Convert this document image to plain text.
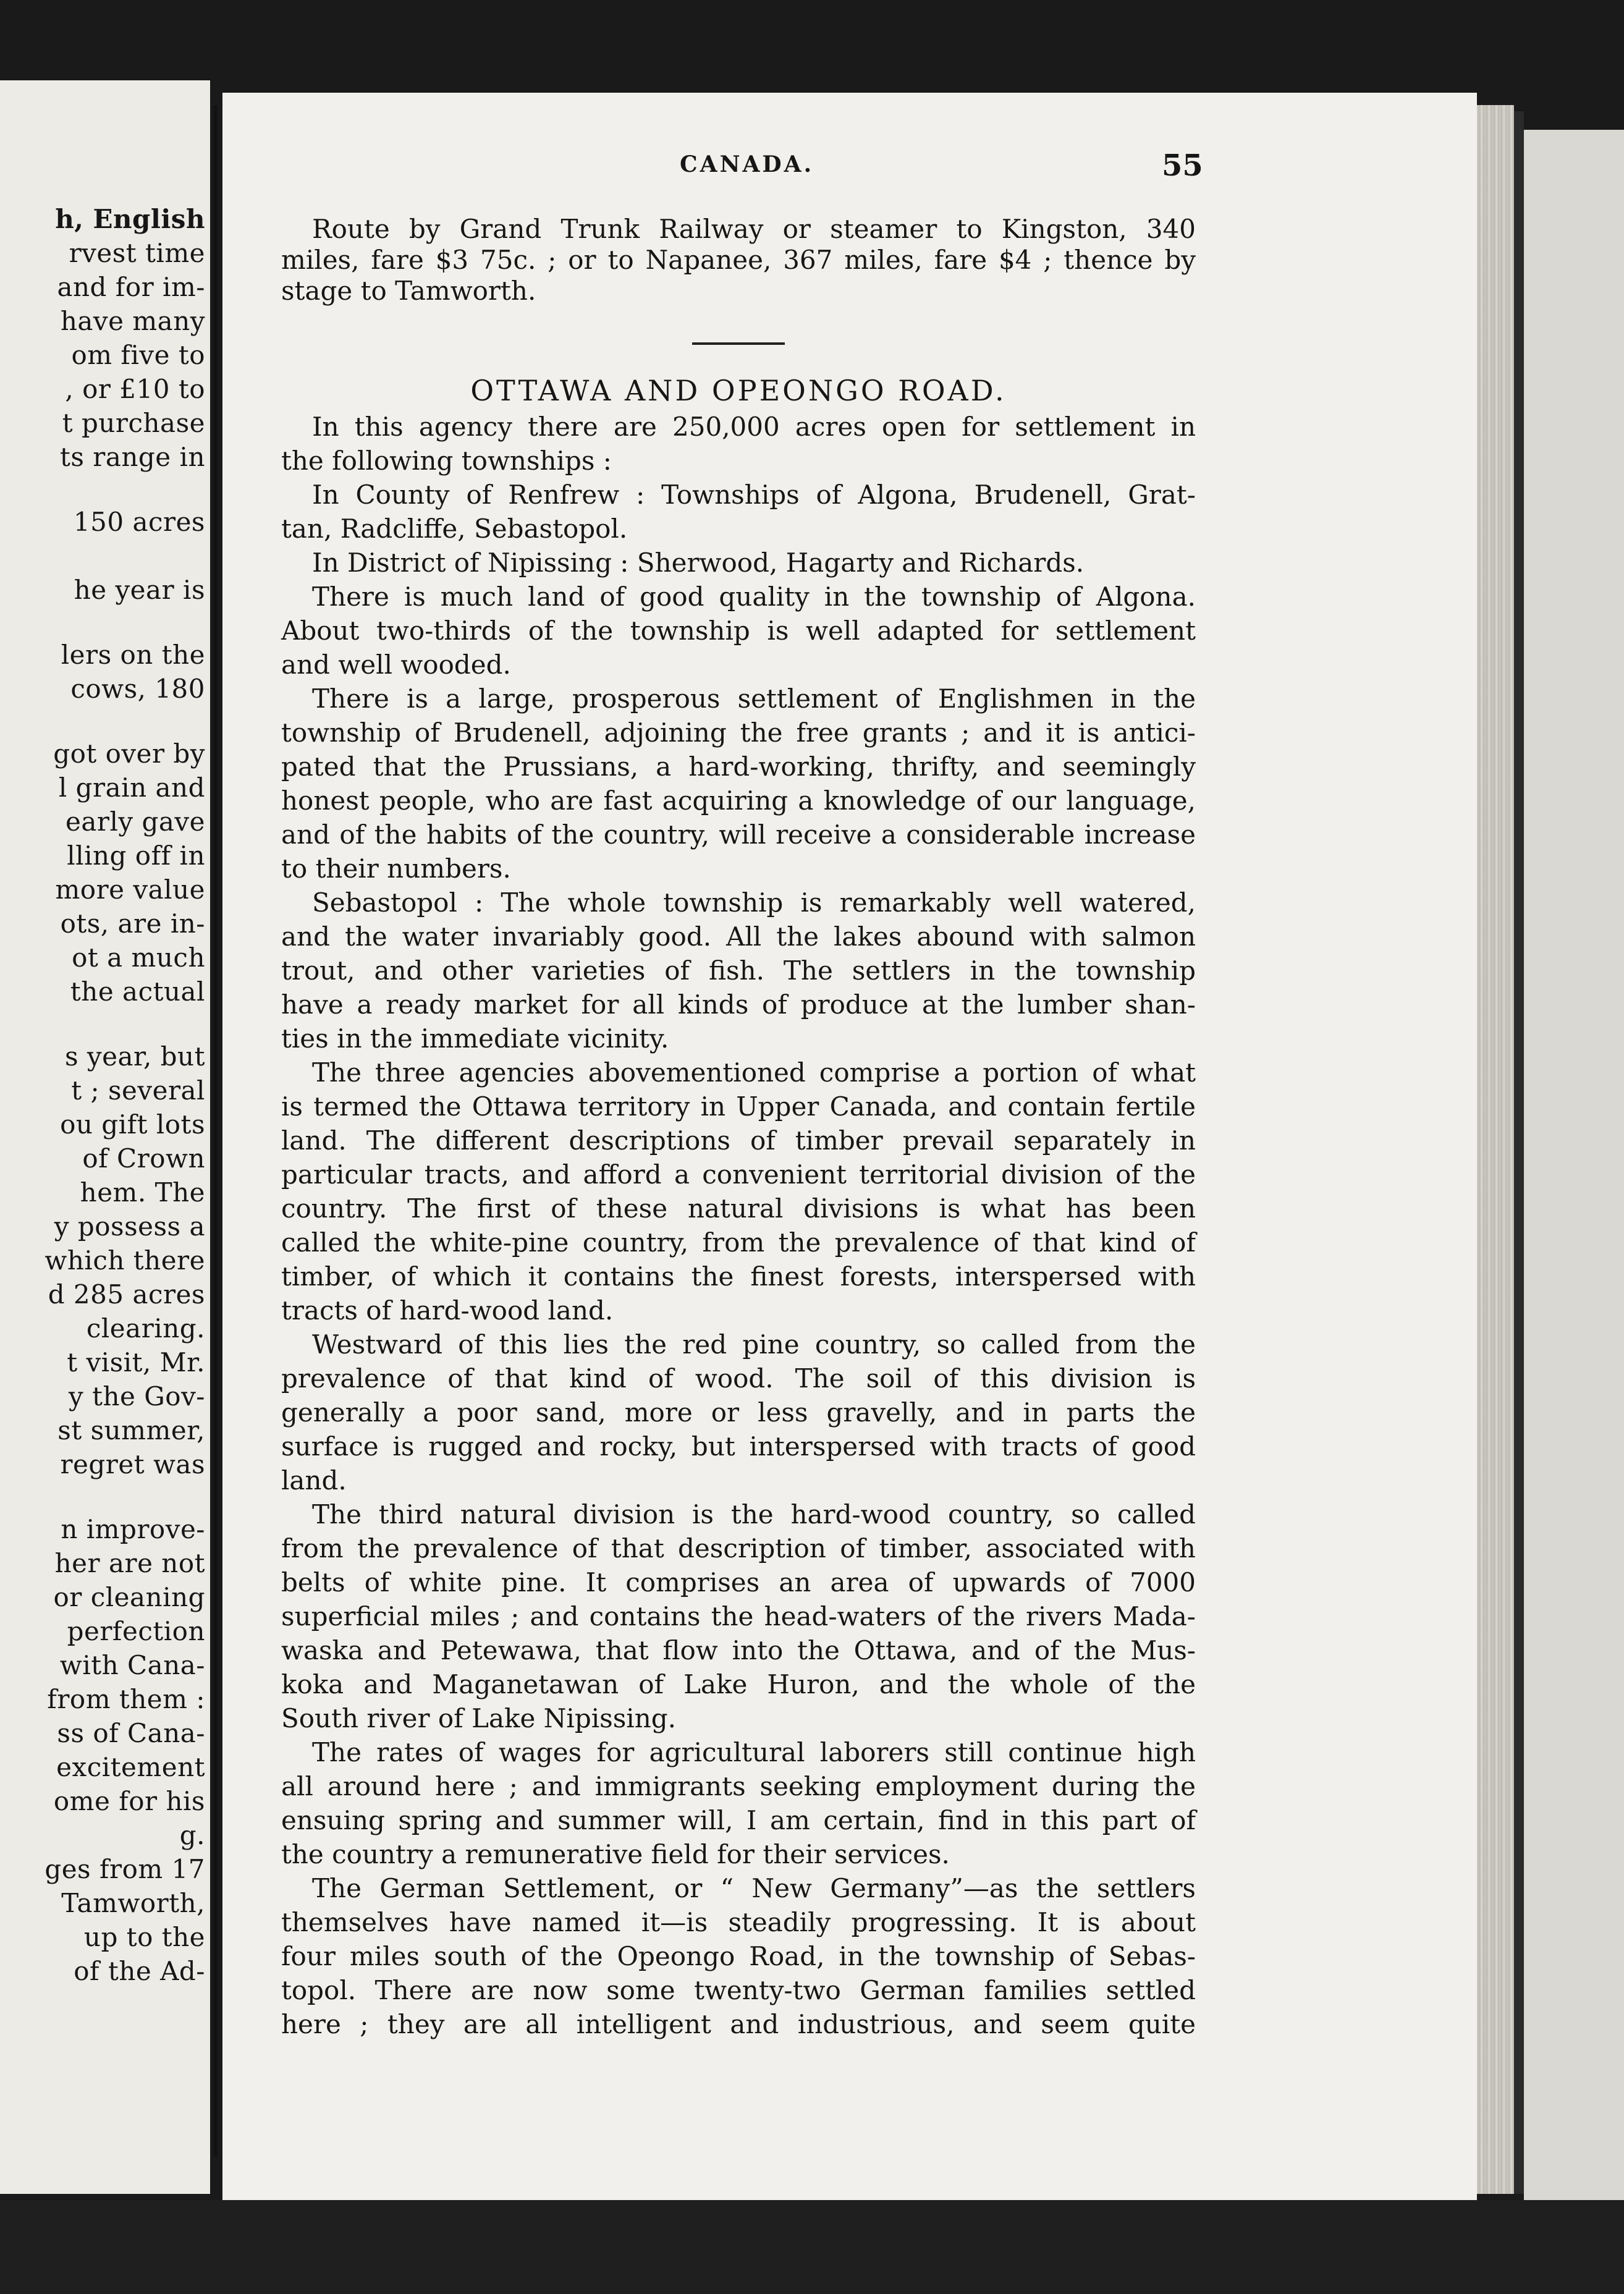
h, English
rvest time
and for im-
have many
om five to
, or £10 to
t purchase
ts range in
150 acres
he year is
lers on the
cows, 180
got over by
l grain and
early gave
lling off in
more value
ots, are in-
ot a much
the actual
s year, but
t ; several
ou gift lots
of Crown
hem. The
y possess a
which there
d 285 acres
clearing.
t visit, Mr.
y the Gov-
st summer,
regret was
n improve-
her are not
or cleaning
perfection
with Cana-
from them :
ss of Cana-
excitement
ome for his
g.
ges from 17
Tamworth,
up to the
of the Ad-
CANADA.	55
OTTAWA AND OPEONGO ROAD.
Route by Grand Trunk Railway or steamer to Kingston, 340
miles, fare $3 75c. ; or to Napanee, 367 miles, fare $4 ; thence by
stage to Tamworth.
In this agency there are 250,000 acres open for settlement in
the following townships :
In County of Renfrew : Townships of Algona, Brudenell, Grat-
tan, Radcliffe, Sebastopol.
In District of Nipissing : Sherwood, Hagarty and Richards.
There is much land of good quality in the township of Algona.
About two-thirds of the township is well adapted for settlement
and well wooded.
There is a large, prosperous settlement of Englishmen in the
township of Brudenell, adjoining the free grants ; and it is antici-
pated that the Prussians, a hard-working, thrifty, and seemingly
honest people, who are fast acquiring a knowledge of our language,
and of the habits of the country, will receive a considerable increase
to their numbers.
Sebastopol : The whole township is remarkably well watered,
and the water invariably good. All the lakes abound with salmon
trout, and other varieties of fish. The settlers in the township
have a ready market for all kinds of produce at the lumber shan-
ties in the immediate vicinity.
The three agencies abovementioned comprise a portion of what
is termed the Ottawa territory in Upper Canada, and contain fertile
land. The different descriptions of timber prevail separately in
particular tracts, and afford a convenient territorial division of the
country. The first of these natural divisions is what has been
called the white-pine country, from the prevalence of that kind of
timber, of which it contains the finest forests, interspersed with
tracts of hard-wood land.
Westward of this lies the red pine country, so called from the
prevalence of that kind of wood. The soil of this division is
generally a poor sand, more or less gravelly, and in parts the
surface is rugged and rocky, but interspersed with tracts of good
land.
The third natural division is the hard-wood country, so called
from the prevalence of that description of timber, associated with
belts of white pine. It comprises an area of upwards of 7000
superficial miles ; and contains the head-waters of the rivers Mada-
waska and Petewawa, that flow into the Ottawa, and of the Mus-
koka and Maganetawan of Lake Huron, and the whole of the
South river of Lake Nipissing.
The rates of wages for agricultural laborers still continue high
all around here ; and immigrants seeking employment during the
ensuing spring and summer will, I am certain, find in this part of
the country a remunerative field for their services.
The German Settlement, or “ New Germany”—as the settlers
themselves have named it—is steadily progressing. It is about
four miles south of the Opeongo Road, in the township of Sebas-
topol. There are now some twenty-two German families settled
here ; they are all intelligent and industrious, and seem quite
